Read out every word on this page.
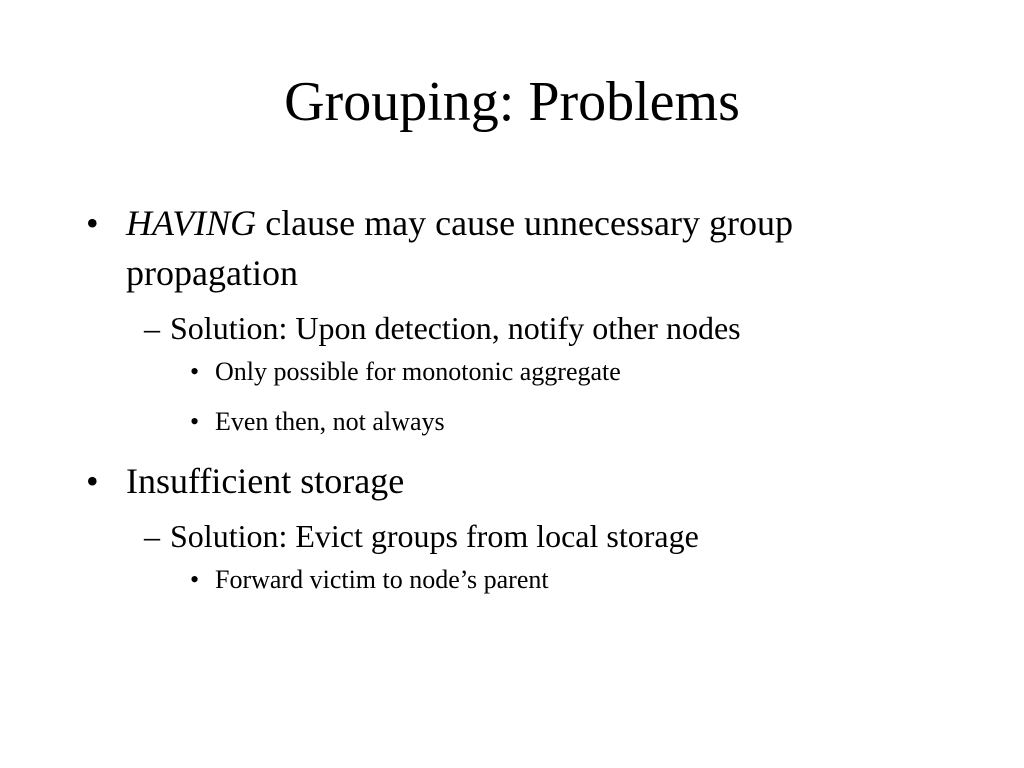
Grouping: Problems
• HAVING clause may cause unnecessary group propagation
– Solution: Upon detection, notify other nodes
• Only possible for monotonic aggregate
• Even then, not always
• Insufficient storage
– Solution: Evict groups from local storage
• Forward victim to node’s parent
